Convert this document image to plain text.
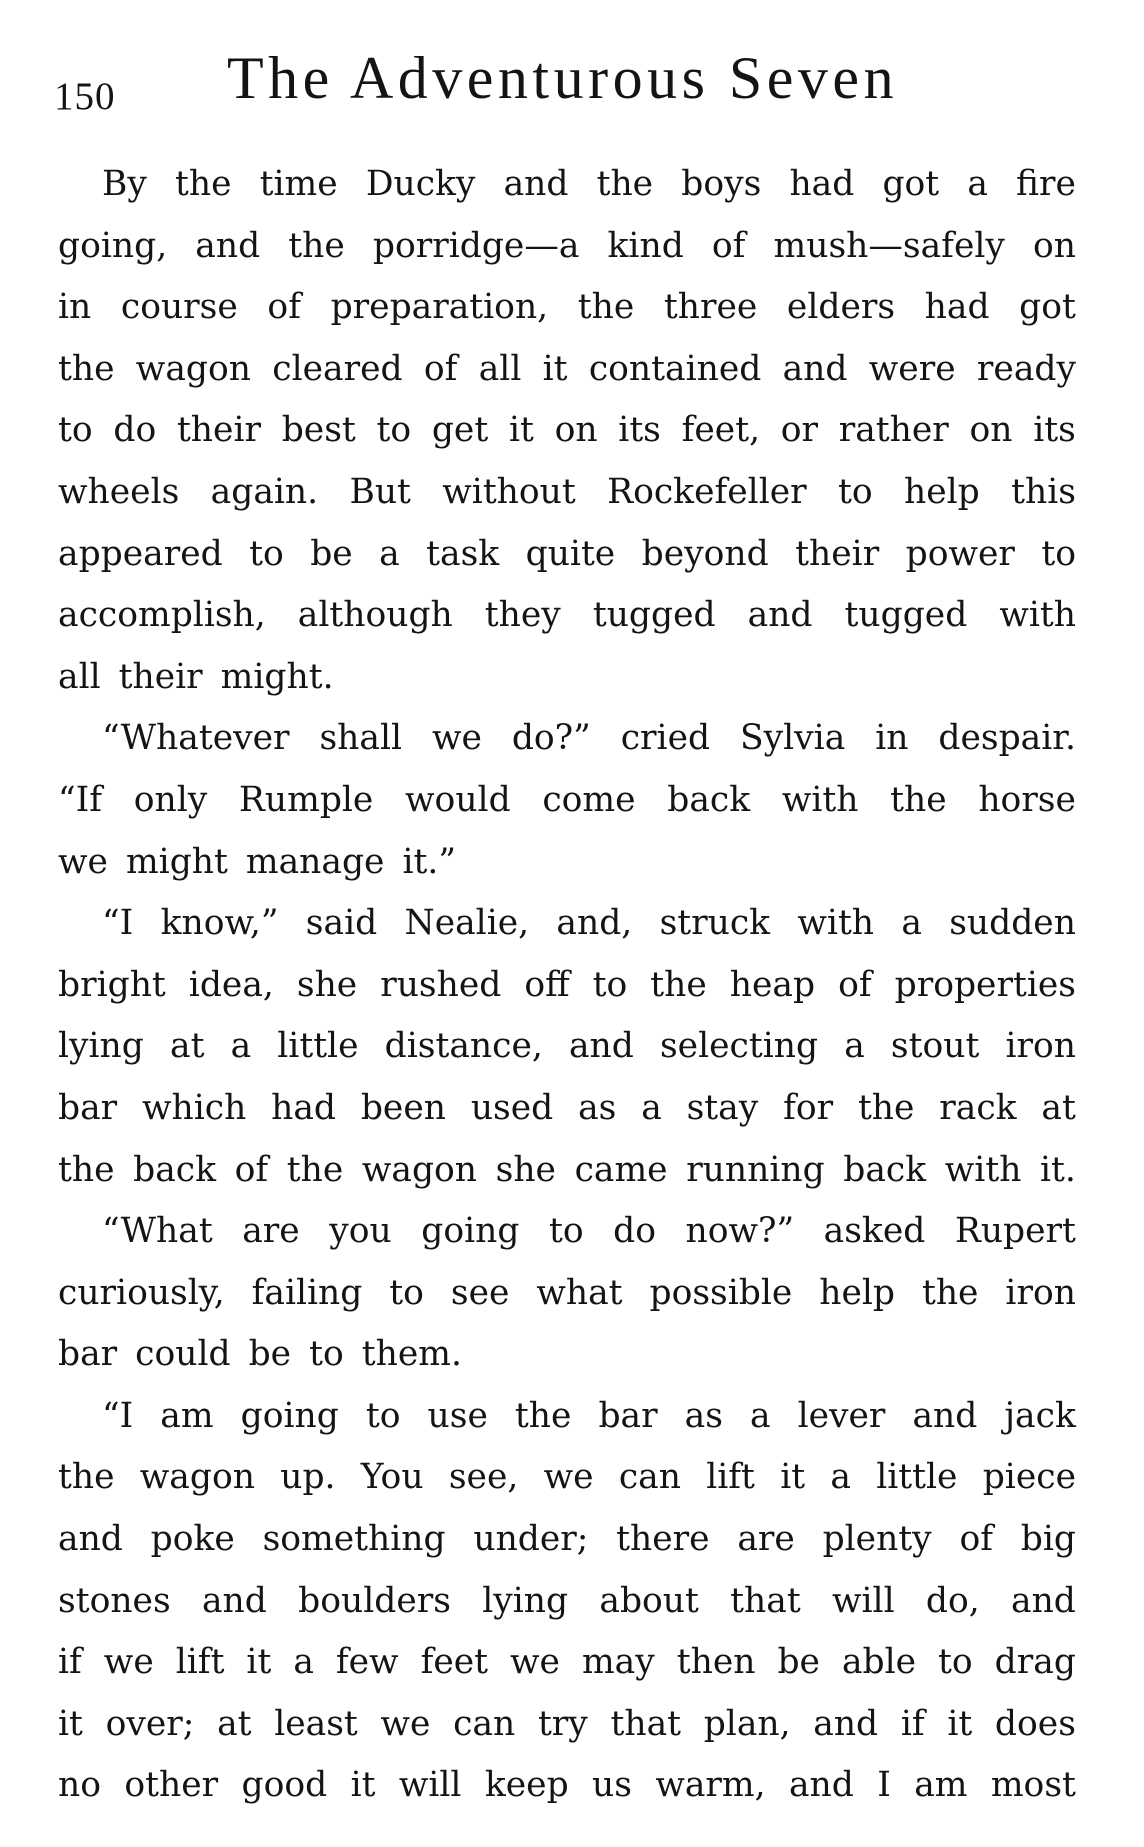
150 The Adventurous Seven
By the time Ducky and the boys had got a fire
going, and the porridge—a kind of mush—safely on
in course of preparation, the three elders had got
the wagon cleared of all it contained and were ready
to do their best to get it on its feet, or rather on its
wheels again. But without Rockefeller to help this
appeared to be a task quite beyond their power to
accomplish, although they tugged and tugged with
all their might.
“Whatever shall we do?” cried Sylvia in despair.
“If only Rumple would come back with the horse
we might manage it.”
“I know,” said Nealie, and, struck with a sudden
bright idea, she rushed off to the heap of properties
lying at a little distance, and selecting a stout iron
bar which had been used as a stay for the rack at
the back of the wagon she came running back with it.
“What are you going to do now?” asked Rupert
curiously, failing to see what possible help the iron
bar could be to them.
“I am going to use the bar as a lever and jack
the wagon up. You see, we can lift it a little piece
and poke something under; there are plenty of big
stones and boulders lying about that will do, and
if we lift it a few feet we may then be able to drag
it over; at least we can try that plan, and if it does
no other good it will keep us warm, and I am most
